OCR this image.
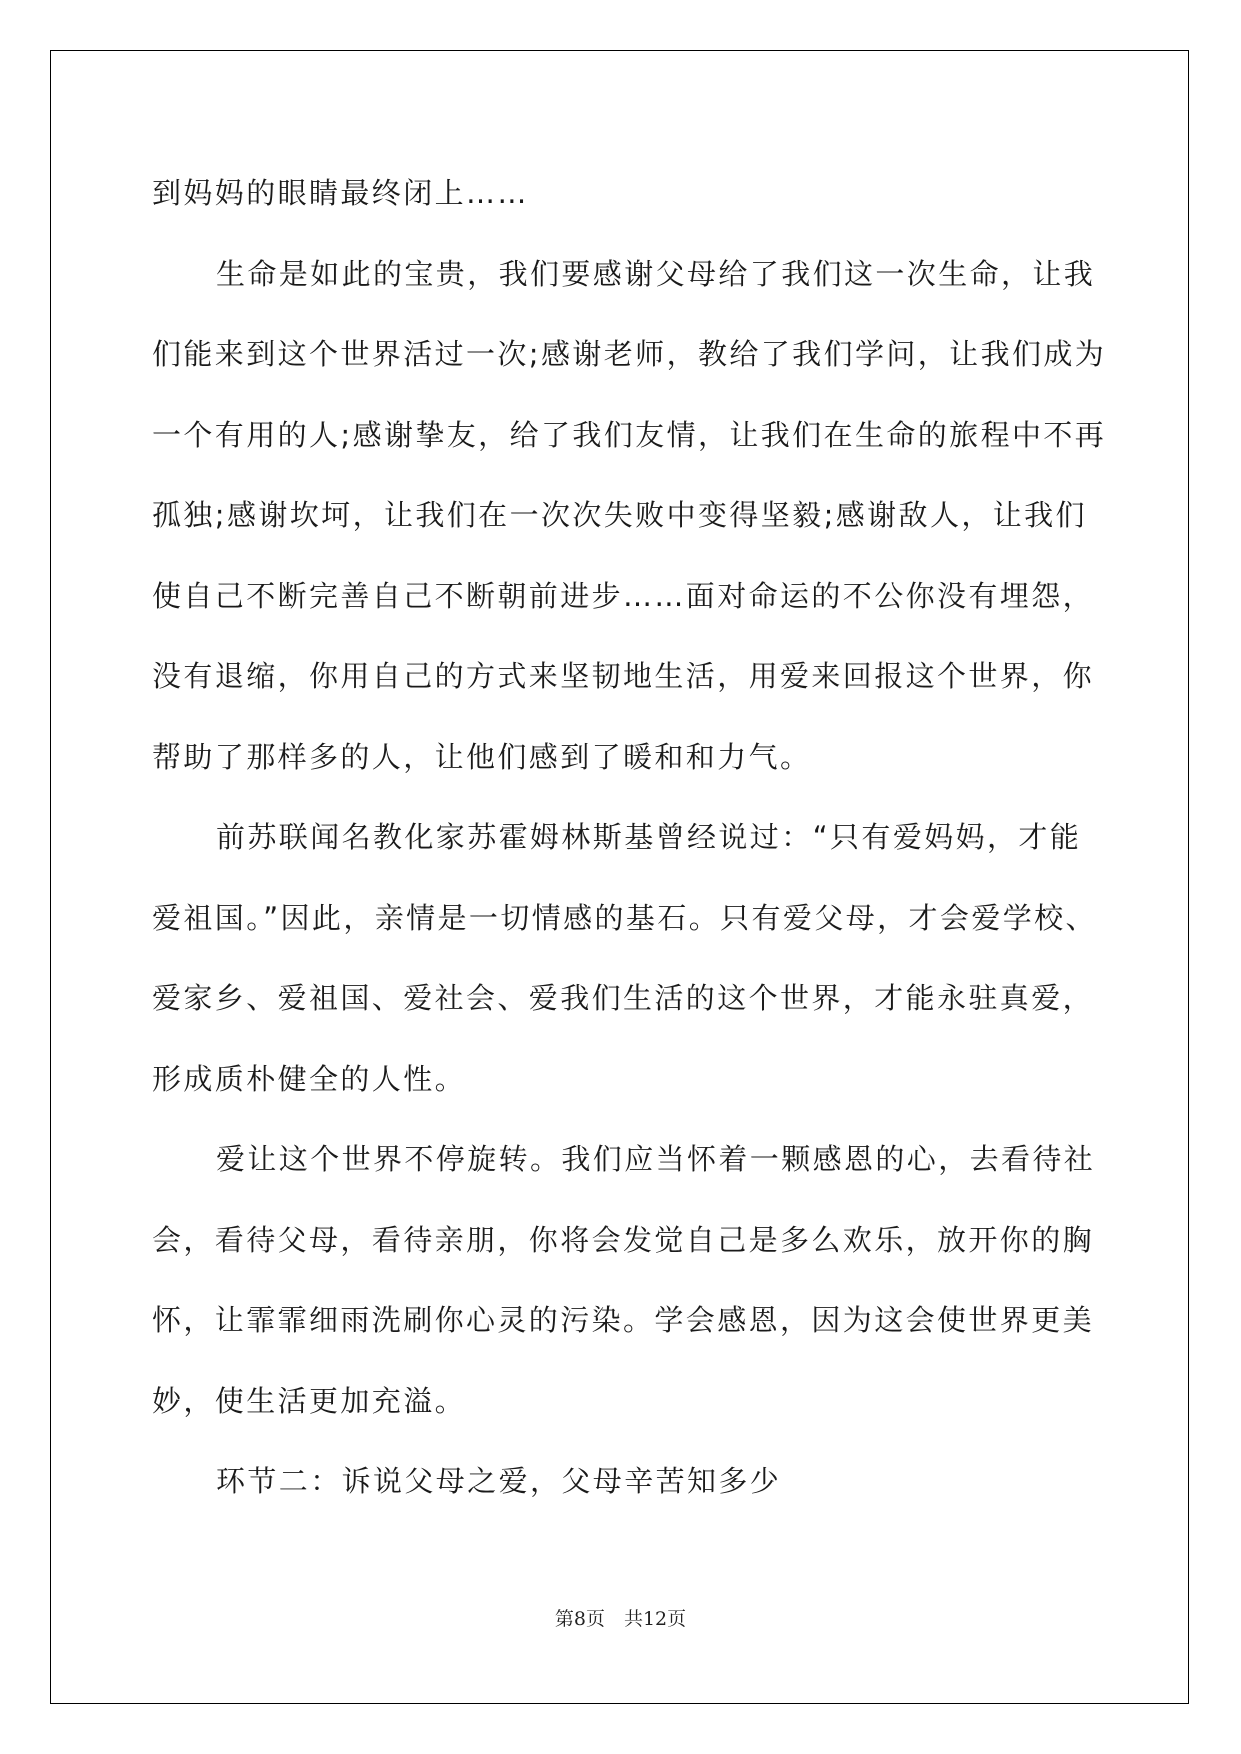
到妈妈的眼睛最终闭上……
生命是如此的宝贵，我们要感谢父母给了我们这一次生命，让我
们能来到这个世界活过一次;感谢老师，教给了我们学问，让我们成为
一个有用的人;感谢挚友，给了我们友情，让我们在生命的旅程中不再
孤独;感谢坎坷，让我们在一次次失败中变得坚毅;感谢敌人，让我们
使自己不断完善自己不断朝前进步……面对命运的不公你没有埋怨，
没有退缩，你用自己的方式来坚韧地生活，用爱来回报这个世界，你
帮助了那样多的人，让他们感到了暖和和力气。
前苏联闻名教化家苏霍姆林斯基曾经说过：“只有爱妈妈，才能
爱祖国。”因此，亲情是一切情感的基石。只有爱父母，才会爱学校、
爱家乡、爱祖国、爱社会、爱我们生活的这个世界，才能永驻真爱，
形成质朴健全的人性。
爱让这个世界不停旋转。我们应当怀着一颗感恩的心，去看待社
会，看待父母，看待亲朋，你将会发觉自己是多么欢乐，放开你的胸
怀，让霏霏细雨洗刷你心灵的污染。学会感恩，因为这会使世界更美
妙，使生活更加充溢。
环节二：诉说父母之爱，父母辛苦知多少
第8页　共12页
